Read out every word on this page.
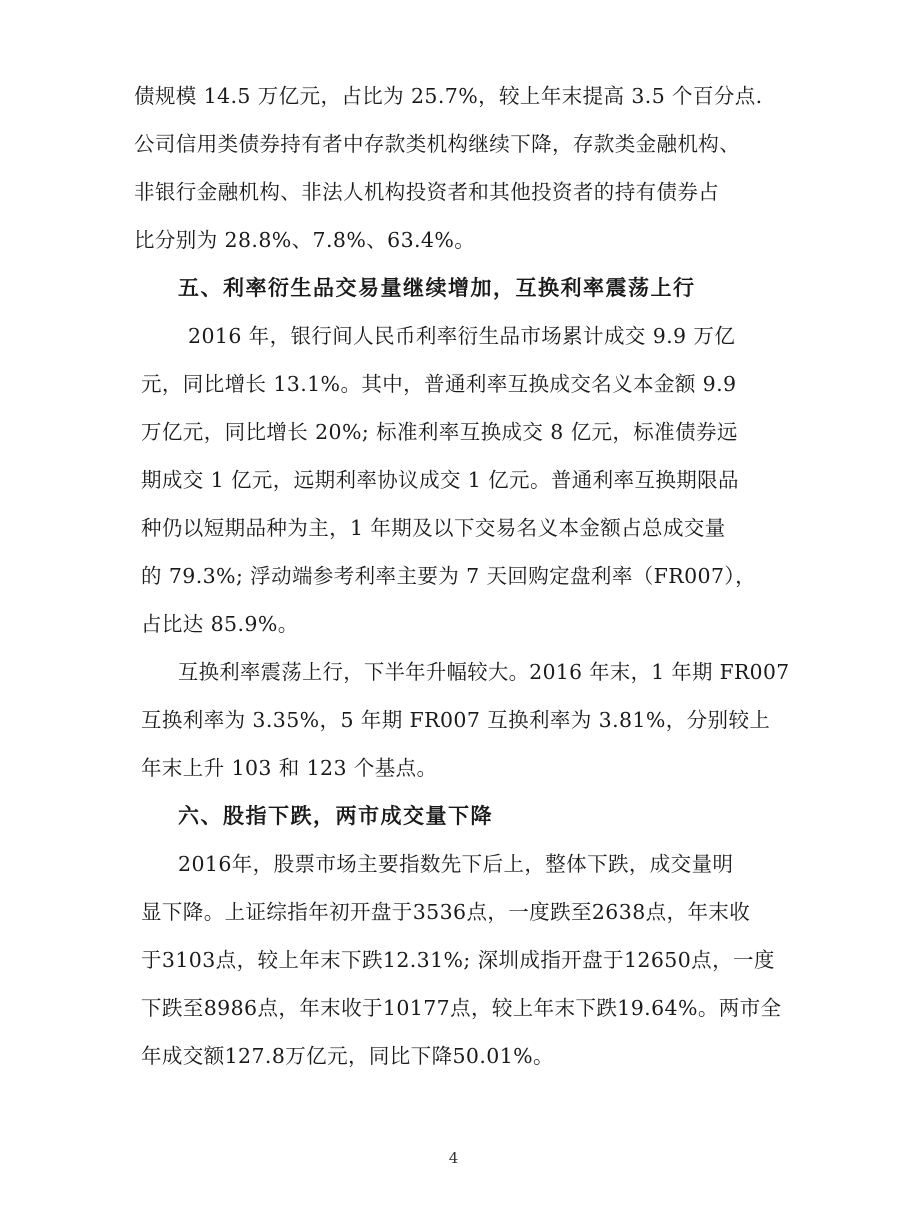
债规模 14.5 万亿元，占比为 25.7%，较上年末提高 3.5 个百分点.
公司信用类债券持有者中存款类机构继续下降，存款类金融机构、
非银行金融机构、非法人机构投资者和其他投资者的持有债券占
比分别为 28.8%、7.8%、63.4%。
五、利率衍生品交易量继续增加，互换利率震荡上行
2016 年，银行间人民币利率衍生品市场累计成交 9.9 万亿
元，同比增长 13.1%。其中，普通利率互换成交名义本金额 9.9
万亿元，同比增长 20%; 标准利率互换成交 8 亿元，标准债券远
期成交 1 亿元，远期利率协议成交 1 亿元。普通利率互换期限品
种仍以短期品种为主，1 年期及以下交易名义本金额占总成交量
的 79.3%; 浮动端参考利率主要为 7 天回购定盘利率（FR007），
占比达 85.9%。
互换利率震荡上行，下半年升幅较大。2016 年末，1 年期 FR007
互换利率为 3.35%，5 年期 FR007 互换利率为 3.81%，分别较上
年末上升 103 和 123 个基点。
六、股指下跌，两市成交量下降
2016年，股票市场主要指数先下后上，整体下跌，成交量明
显下降。上证综指年初开盘于3536点，一度跌至2638点，年末收
于3103点，较上年末下跌12.31%; 深圳成指开盘于12650点，一度
下跌至8986点，年末收于10177点，较上年末下跌19.64%。两市全
年成交额127.8万亿元，同比下降50.01%。
4
